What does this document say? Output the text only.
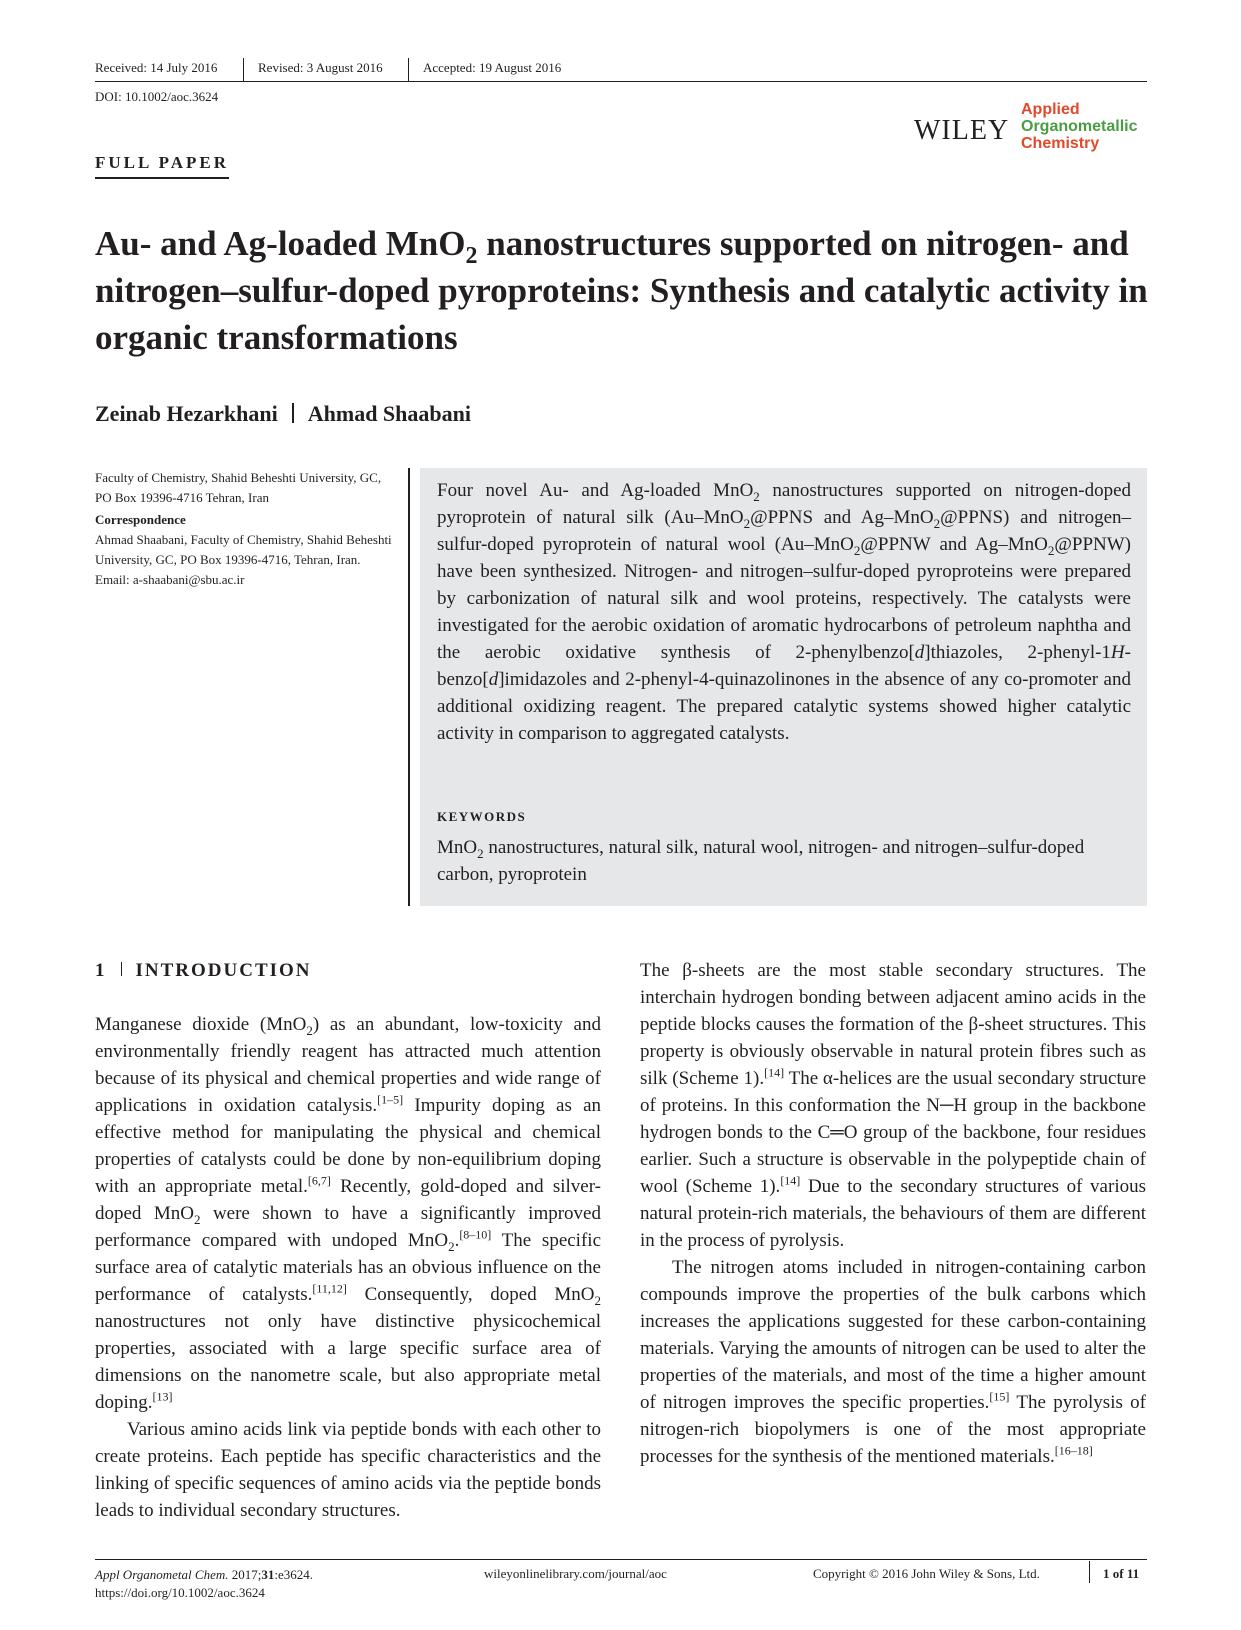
Received: 14 July 2016	Revised: 3 August 2016	Accepted: 19 August 2016
DOI: 10.1002/aoc.3624
WILEY
Applied
Organometallic
Chemistry
FULL PAPER
Au- and Ag-loaded MnO$_2$ nanostructures supported on nitrogen- and nitrogen–sulfur-doped pyroproteins: Synthesis and catalytic activity in organic transformations
Zeinab Hezarkhani Ahmad Shaabani
Faculty of Chemistry, Shahid Beheshti University, GC, PO Box 19396-4716 Tehran, Iran
Correspondence
Ahmad Shaabani, Faculty of Chemistry, Shahid Beheshti University, GC, PO Box 19396-4716, Tehran, Iran.
Email: a-shaabani@sbu.ac.ir

Four novel Au- and Ag-loaded MnO$_2$ nanostructures supported on nitrogen-doped pyroprotein of natural silk (Au–MnO$_2$@PPNS and Ag–MnO$_2$@PPNS) and nitrogen–sulfur-doped pyroprotein of natural wool (Au–MnO$_2$@PPNW and Ag–MnO$_2$@PPNW) have been synthesized. Nitrogen- and nitrogen–sulfur-doped pyroproteins were prepared by carbonization of natural silk and wool proteins, respectively. The catalysts were investigated for the aerobic oxidation of aromatic hydrocarbons of petroleum naphtha and the aerobic oxidative synthesis of 2-phenylbenzo[d]thiazoles, 2-phenyl-1H-benzo[d]imidazoles and 2-phenyl-4-quinazolinones in the absence of any co-promoter and additional oxidizing reagent. The prepared catalytic systems showed higher catalytic activity in comparison to aggregated catalysts.

KEYWORDS

MnO$_2$ nanostructures, natural silk, natural wool, nitrogen- and nitrogen–sulfur-doped carbon, pyroprotein

1 INTRODUCTION

Manganese dioxide (MnO$_2$) as an abundant, low-toxicity and environmentally friendly reagent has attracted much attention because of its physical and chemical properties and wide range of applications in oxidation catalysis.[1–5] Impurity doping as an effective method for manipulating the physical and chemical properties of catalysts could be done by non-equilibrium doping with an appropriate metal.[6,7] Recently, gold-doped and silver-doped MnO$_2$ were shown to have a significantly improved performance compared with undoped MnO$_2$.[8–10] The specific surface area of catalytic materials has an obvious influence on the performance of catalysts.[11,12] Consequently, doped MnO$_2$ nanostructures not only have distinctive physicochemical properties, associated with a large specific surface area of dimensions on the nanometre scale, but also appropriate metal doping.[13]

Various amino acids link via peptide bonds with each other to create proteins. Each peptide has specific characteristics and the linking of specific sequences of amino acids via the peptide bonds leads to individual secondary structures.

The β-sheets are the most stable secondary structures. The interchain hydrogen bonding between adjacent amino acids in the peptide blocks causes the formation of the β-sheet structures. This property is obviously observable in natural protein fibres such as silk (Scheme 1).[14] The α-helices are the usual secondary structure of proteins. In this conformation the N─H group in the backbone hydrogen bonds to the C═O group of the backbone, four residues earlier. Such a structure is observable in the polypeptide chain of wool (Scheme 1).[14] Due to the secondary structures of various natural protein-rich materials, the behaviours of them are different in the process of pyrolysis.

The nitrogen atoms included in nitrogen-containing carbon compounds improve the properties of the bulk carbons which increases the applications suggested for these carbon-containing materials. Varying the amounts of nitrogen can be used to alter the properties of the materials, and most of the time a higher amount of nitrogen improves the specific properties.[15] The pyrolysis of nitrogen-rich biopolymers is one of the most appropriate processes for the synthesis of the mentioned materials.[16–18]

Appl Organometal Chem. 2017;31:e3624.
https://doi.org/10.1002/aoc.3624
wileyonlinelibrary.com/journal/aoc	Copyright © 2016 John Wiley & Sons, Ltd.	1 of 11
